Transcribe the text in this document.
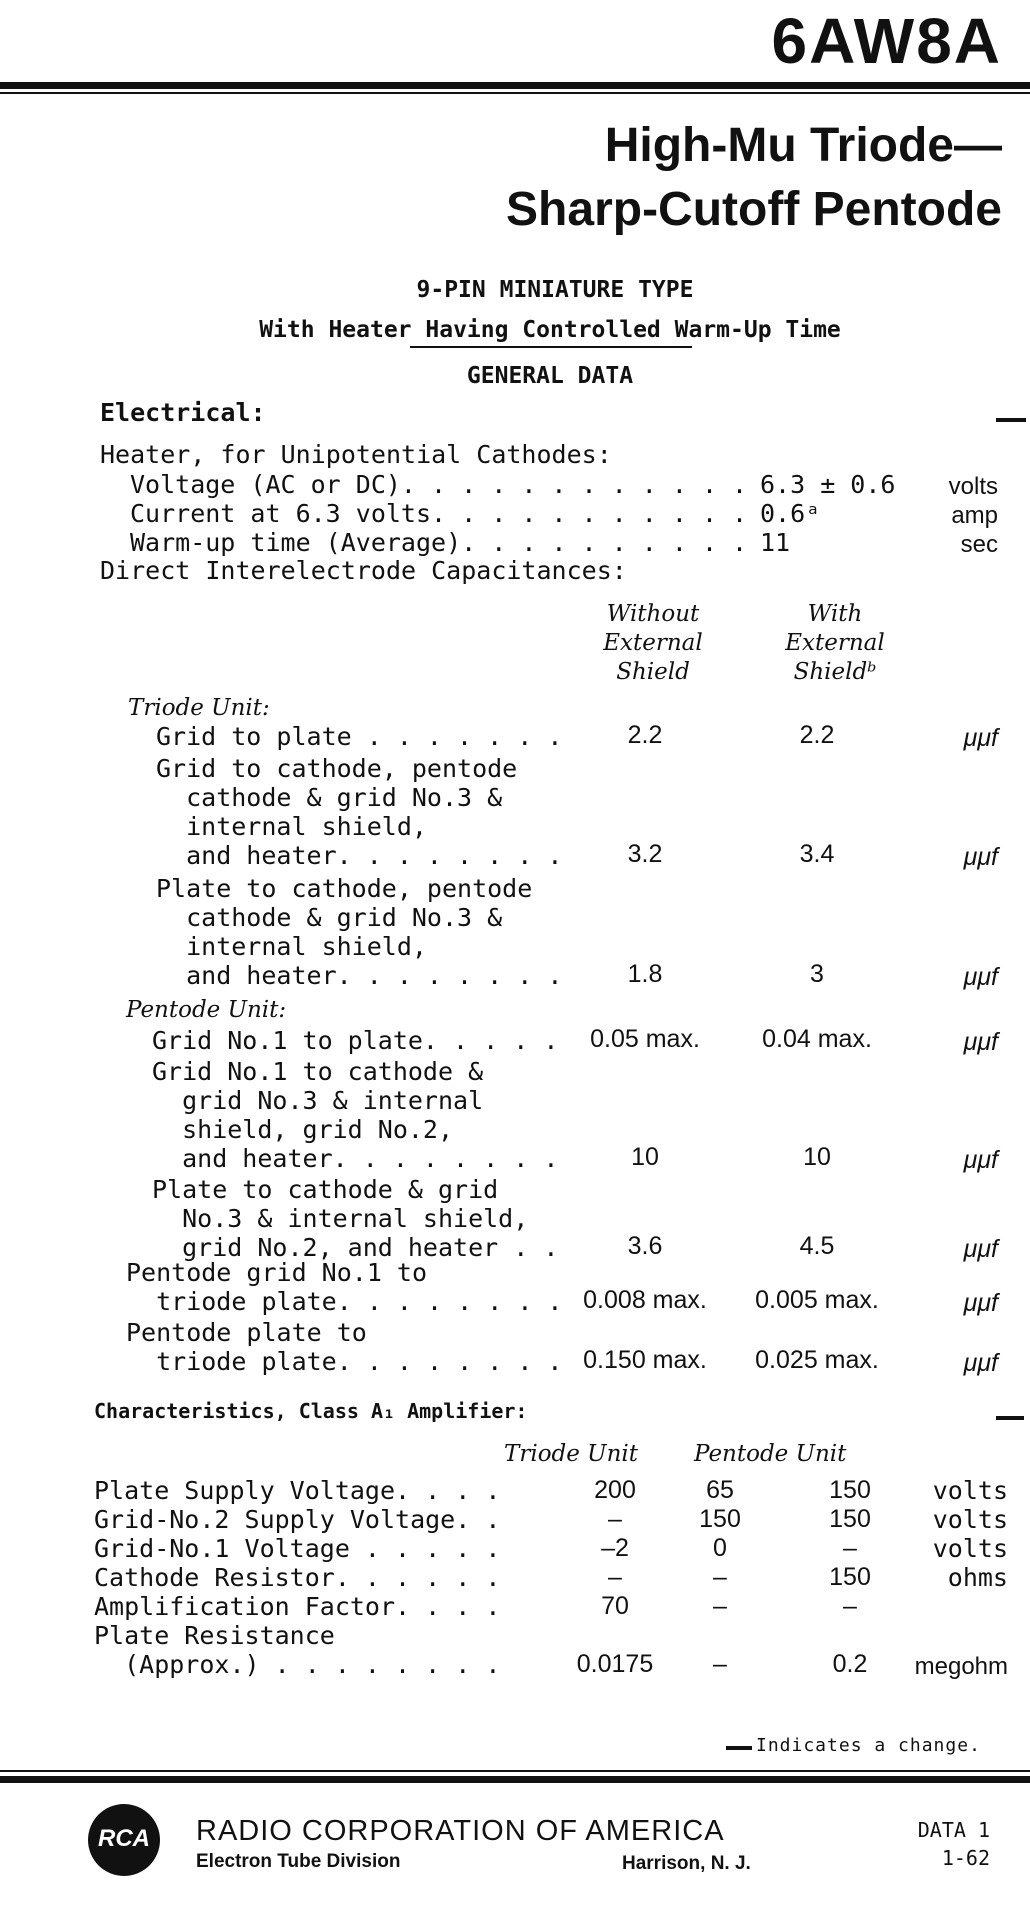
6AW8A
High-Mu Triode—
Sharp-Cutoff Pentode
9-PIN MINIATURE TYPE
With Heater Having Controlled Warm-Up Time
GENERAL DATA
Electrical:
Heater, for Unipotential Cathodes:
Voltage (AC or DC). . . . . . . . . . . . 6.3 ± 0.6 volts
Current at 6.3 volts. . . . . . . . . . . 0.6ᵃ	amp
Warm-up time (Average). . . . . . . . . . 11	sec
Direct Interelectrode Capacitances:
Without
External
Shield
With
External
Shieldᵇ
Triode Unit:
Grid to plate . . . . . . .	2.2	2.2	μμf
Grid to cathode, pentode
cathode & grid No.3 &
internal shield,
and heater. . . . . . . .	3.2	3.4	μμf
Plate to cathode, pentode
cathode & grid No.3 &
internal shield,
and heater. . . . . . . .	1.8	3	μμf
Pentode Unit:
Grid No.1 to plate. . . . .	0.05 max.	0.04 max.	μμf
Grid No.1 to cathode &
grid No.3 & internal
shield, grid No.2,
and heater. . . . . . . .	10	10	μμf
Plate to cathode & grid
No.3 & internal shield,
grid No.2, and heater . .	3.6	4.5	μμf
Pentode grid No.1 to
triode plate. . . . . . . . 0.008 max.	0.005 max.	μμf
Pentode plate to
triode plate. . . . . . . . 0.150 max.	0.025 max.	μμf
Characteristics, Class A₁ Amplifier:
Triode Unit Pentode Unit
Plate Supply Voltage. . . .	200	65	150	volts
Grid-No.2 Supply Voltage. .	–	150	150	volts
Grid-No.1 Voltage . . . . .	–2	0	–	volts
Cathode Resistor. . . . . .	–	–	150	ohms
Amplification Factor. . . .	70	–	–
Plate Resistance
(Approx.) . . . . . . . .	0.0175	–	0.2	megohm
Indicates a change.

RCA	RADIO CORPORATION OF AMERICA
Electron Tube Division	Harrison, N. J.
DATA 1
1-62
